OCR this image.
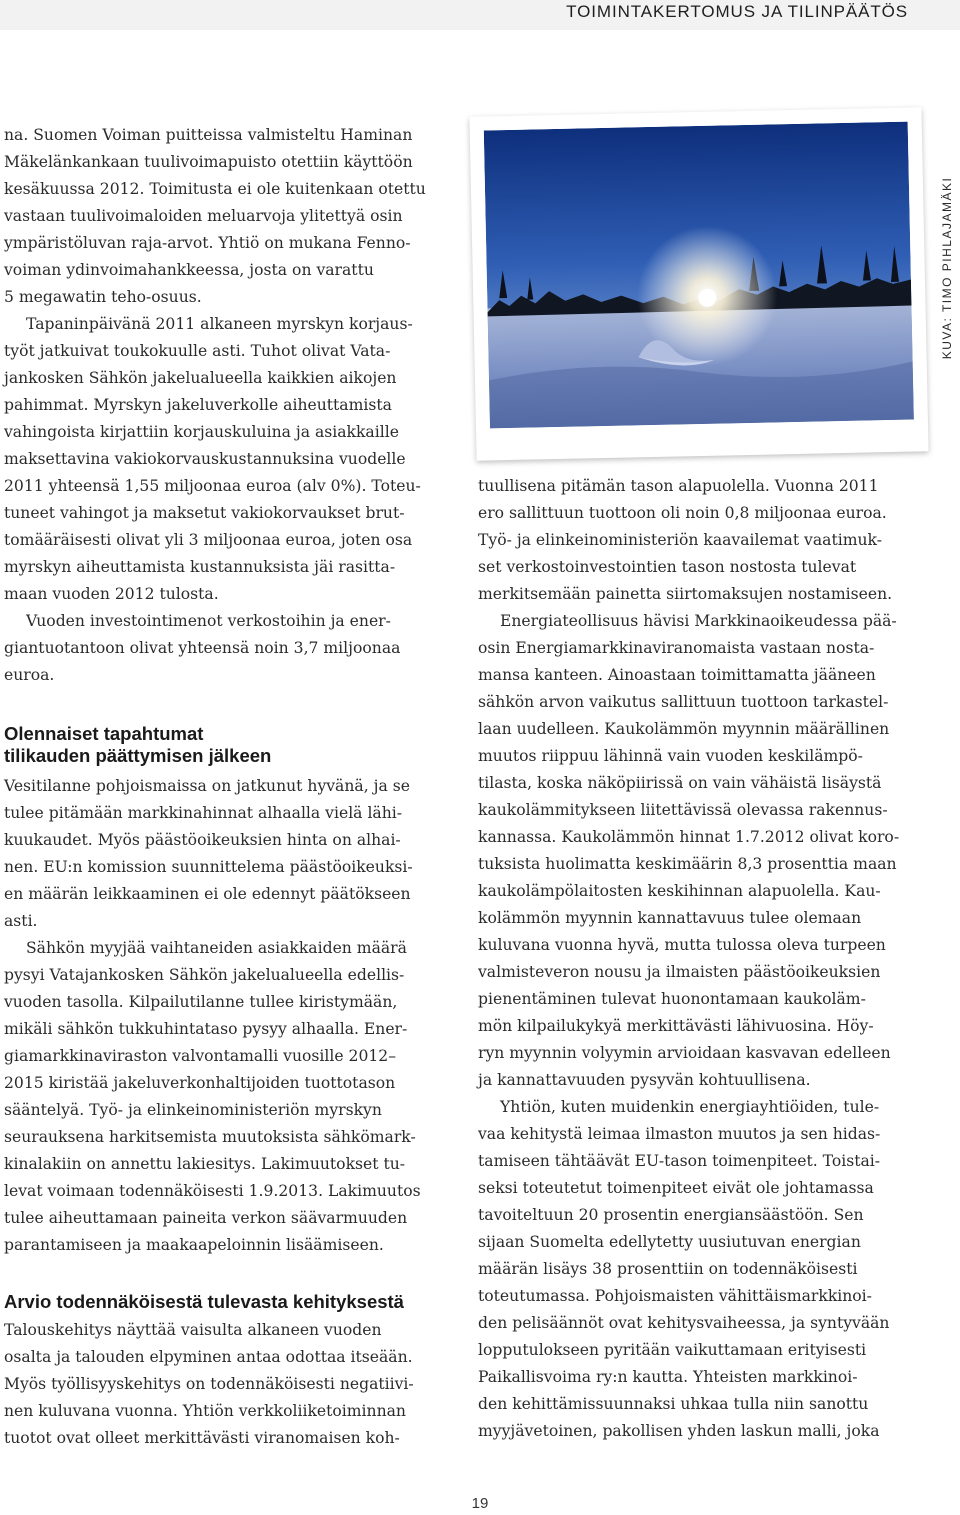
TOIMINTAKERTOMUS JA TILINPÄÄTÖS
KUVA: TIMO PIHLAJAMÄKI

na. Suomen Voiman puitteissa valmisteltu Haminan

Mäkelänkankaan tuulivoimapuisto otettiin käyttöön

kesäkuussa 2012. Toimitusta ei ole kuitenkaan otettu

vastaan tuulivoimaloiden meluarvoja ylitettyä osin

ympäristöluvan raja-arvot. Yhtiö on mukana Fenno-

voiman ydinvoimahankkeessa, josta on varattu

5 megawatin teho-osuus.

Tapaninpäivänä 2011 alkaneen myrskyn korjaus-

työt jatkuivat toukokuulle asti. Tuhot olivat Vata-

jankosken Sähkön jakelualueella kaikkien aikojen

pahimmat. Myrskyn jakeluverkolle aiheuttamista

vahingoista kirjattiin korjauskuluina ja asiakkaille

maksettavina vakiokorvauskustannuksina vuodelle

2011 yhteensä 1,55 miljoonaa euroa (alv 0%). Toteu-

tuneet vahingot ja maksetut vakiokorvaukset brut-

tomääräisesti olivat yli 3 miljoonaa euroa, joten osa

myrskyn aiheuttamista kustannuksista jäi rasitta-

maan vuoden 2012 tulosta.

Vuoden investointimenot verkostoihin ja ener-

giantuotantoon olivat yhteensä noin 3,7 miljoonaa

euroa.

Olennaiset tapahtumat
tilikauden päättymisen jälkeen

Vesitilanne pohjoismaissa on jatkunut hyvänä, ja se

tulee pitämään markkinahinnat alhaalla vielä lähi-

kuukaudet. Myös päästöoikeuksien hinta on alhai-

nen. EU:n komission suunnittelema päästöoikeuksi-

en määrän leikkaaminen ei ole edennyt päätökseen

asti.

Sähkön myyjää vaihtaneiden asiakkaiden määrä

pysyi Vatajankosken Sähkön jakelualueella edellis-

vuoden tasolla. Kilpailutilanne tullee kiristymään,

mikäli sähkön tukkuhintataso pysyy alhaalla. Ener-

giamarkkinaviraston valvontamalli vuosille 2012–

2015 kiristää jakeluverkonhaltijoiden tuottotason

sääntelyä. Työ- ja elinkeinoministeriön myrskyn

seurauksena harkitsemista muutoksista sähkömark-

kinalakiin on annettu lakiesitys. Lakimuutokset tu-

levat voimaan todennäköisesti 1.9.2013. Lakimuutos

tulee aiheuttamaan paineita verkon säävarmuuden

parantamiseen ja maakaapeloinnin lisäämiseen.

Arvio todennäköisestä tulevasta kehityksestä

Talouskehitys näyttää vaisulta alkaneen vuoden

osalta ja talouden elpyminen antaa odottaa itseään.

Myös työllisyyskehitys on todennäköisesti negatiivi-

nen kuluvana vuonna. Yhtiön verkkoliiketoiminnan

tuotot ovat olleet merkittävästi viranomaisen koh-

tuullisena pitämän tason alapuolella. Vuonna 2011

ero sallittuun tuottoon oli noin 0,8 miljoonaa euroa.

Työ- ja elinkeinoministeriön kaavailemat vaatimuk-

set verkostoinvestointien tason nostosta tulevat

merkitsemään painetta siirtomaksujen nostamiseen.

Energiateollisuus hävisi Markkinaoikeudessa pää-

osin Energiamarkkinaviranomaista vastaan nosta-

mansa kanteen. Ainoastaan toimittamatta jääneen

sähkön arvon vaikutus sallittuun tuottoon tarkastel-

laan uudelleen. Kaukolämmön myynnin määrällinen

muutos riippuu lähinnä vain vuoden keskilämpö-

tilasta, koska näköpiirissä on vain vähäistä lisäystä

kaukolämmitykseen liitettävissä olevassa rakennus-

kannassa. Kaukolämmön hinnat 1.7.2012 olivat koro-

tuksista huolimatta keskimäärin 8,3 prosenttia maan

kaukolämpölaitosten keskihinnan alapuolella. Kau-

kolämmön myynnin kannattavuus tulee olemaan

kuluvana vuonna hyvä, mutta tulossa oleva turpeen

valmisteveron nousu ja ilmaisten päästöoikeuksien

pienentäminen tulevat huonontamaan kaukoläm-

mön kilpailukykyä merkittävästi lähivuosina. Höy-

ryn myynnin volyymin arvioidaan kasvavan edelleen

ja kannattavuuden pysyvän kohtuullisena.

Yhtiön, kuten muidenkin energiayhtiöiden, tule-

vaa kehitystä leimaa ilmaston muutos ja sen hidas-

tamiseen tähtäävät EU-tason toimenpiteet. Toistai-

seksi toteutetut toimenpiteet eivät ole johtamassa

tavoiteltuun 20 prosentin energiansäästöön. Sen

sijaan Suomelta edellytetty uusiutuvan energian

määrän lisäys 38 prosenttiin on todennäköisesti

toteutumassa. Pohjoismaisten vähittäismarkkinoi-

den pelisäännöt ovat kehitysvaiheessa, ja syntyvään

lopputulokseen pyritään vaikuttamaan erityisesti

Paikallisvoima ry:n kautta. Yhteisten markkinoi-

den kehittämissuunnaksi uhkaa tulla niin sanottu

myyjävetoinen, pakollisen yhden laskun malli, joka

19
